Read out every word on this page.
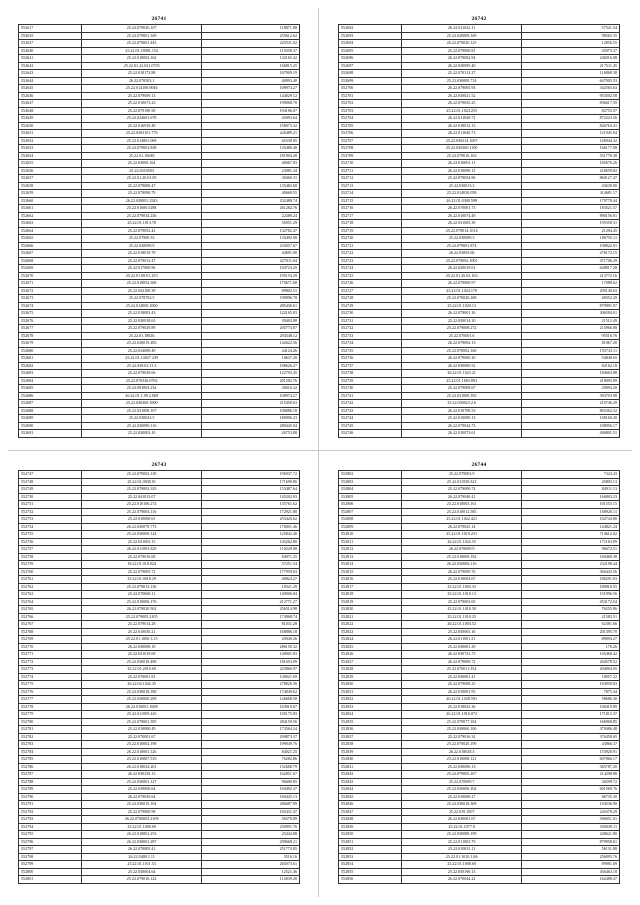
26741
552617	25.22.079020.107	118871.88
552635	25.22.079001.169	255612.62
552637	25.22.079001.445	225531.02
552640	25.22.01.18001.152	110358.37
552641	25.22.018002.162	132165.42
552642	25.22.01.22.021.0755	166815.25
552643	25.22.018173.88	167909.19
552644	26.22.078503.1	40093.40
552645	25.22.014100.0046	108974.27
552646	25.22.079009.13	144029.12
552647	25.22.010673.23	199068.78
552648	25.22.079190.50	194186.07
552649	25.22.024601.678	45093.64
552650	25.22.016910.48	158073.32
552651	25.22.0203101.776	226489.21
552652	25.22.014801.069	65338.05
552653	25.22.079001.838	135480.40
552654	25.22.01.16048	181904.28
552655	25.22.03000.164	40667.83
552656	25.22.0310503	23081.34
552657	25.22.01.20.01.05	30460.31
552658	25.22.079000.47	135482.68
552659	25.22.079090.79	40668.55
552660	26.22.020001.2543	232488.74
552661	25.22.01600.5288	261282.76
552662	25.22.079034.236	22388.24
552663	25.22.01.1813.78	35051.29
552664	25.22.079052.42	132782.47
552665	25.22.07900.33	133492.08
552666	25.22.020099.9	233057.67
552667	25.22.018019.79	44691.00
552668	25.22.079012.47	227611.64
552669	25.22.017000.96	104723.25
552670	25.22.01.08.01.253	195154.29
552671	25.22.019052.306	170671.68
552672	25.22.043100.39	89802.51
552673	25.22.078702.5	199096.78
552674	25.22.014000.1000	285436.61
552675	25.22.018003.43	122165.83
552676	25.22.030018.63	39403.88
552677	25.22.079029.89	205774.87
552678	25.22.01.18026	294548.12
552679	25.22.020019.283	142622.56
552680	25.22.034000.49	44124.26
552681	25.22.01.14027.239	18637.20
552682	25.22.038.02.11.3	188626.27
552683	25.22.079029.66	122793.45
552684	25.22.070326.0792	201282.76
552685	25.22.091003.234	30016.32
552686	26.22.01.1.09.2.069	108974.27
552687	25.22.040400.1000	215450.63
552688	25.22.031008.107	106886.18
552689	25.22.030043.5	186996.23
552690	25.22.030090.116	280445.04
552691	25.22.020003.10	26753.88
26742
552692	26.22.011022.11	57521.54
552693	25.22.020009.169	98565.35
552694	26.22.079020.125	12856.55
552695	25.22.079000.81	45073.37
552696	26.22.079002.94	246016.08
552697	26.22.030095.40	217511.45
552698	25.22.070312.27	116868.38
552699	25.22.030000.714	647005.53
552700	26.22.079005.93	342565.63
552701	26.22.030021.52	953502.58
552702	26.22.079035.25	836617.39
552703	25.22.01.1024.255	82755.07
552704	26.22.011040.72	872223.56
552705	26.22.018012.13	826763.41
552706	26.22.011040.73	121945.04
552707	25.22.030214.1007	126944.32
552708	25.22.020300.1100	166177.08
552709	25.22.079016.163	551776.38
552710	26.22.010001.11	185676.26
552711	26.22.010090.12	218659.82
552712	25.22.079054.96	860127.47
552713	25.22.030013.3	43630.00
552714	25.22.014030.058	314681.17
552715	26.22.01.0300.598	179778.44
552716	26.22.070001.73	183521.57
552717	26.22.010074.49	890156.81
552718	26.22.031005.39	195558.31
552719	25.22.079014.1014	21294.45
552720	25.22.030089.3	186755.11
552721	25.22.079001.874	198822.91
552722	26.22.03003.60	476172.15
552723	25.22.079002.1001	471706.29
552724	26.22.020019.61	648817.28
552725	25.22.01.20.02.163	213772.16
552726	26.22.079000.97	17088.62
552727	25.22.01.1024.170	295149.63
552728	25.22.070020.268	68352.29
552729	25.22.01.1020.13	879991.07
552730	26.22.079001.16	306584.01
552731	25.22.030014.10	21512.49
552732	25.22.079008.272	215966.88
552733	25.22.070001.6	95516.76
552734	26.22.079092.13	81067.28
552735	25.22.070002.160	193733.11
552736	26.22.079000.20	54848.65
552737	26.22.030000.52	82162.18
552738	26.22.01.1023.21	184663.88
552739	25.22.01.1603.893	218005.89
552740	25.22.079009.67	29094.20
552741	25.22.031000.183	393703.98
552742	25.22.030023.2.6	210746.29
552743	26.22.010708.53	865362.32
552744	25.22.010000.13	168160.20
552745	26.22.079044.73	108956.17
552746	26.22.010073.61	406801.51
26743
552747	25.22.079002.130	196937.72
552748	25.22.01.0030.01	171690.86
552749	25.22.079002.335	153487.64
552750	25.22.041013.07	145202.83
552751	25.22.010106.274	135761.62
552752	25.22.079004.116	172921.80
552753	25.22.010000.61	253420.62
552754	26.22.030079.773	176001.46
552755	25.22.030000.124	125842.40
552756	25.22.031003.15	145262.80
552757	26.22.011003.320	110229.08
552758	25.22.079016.68	84071.25
552759	18.22.01.018.024	57251.54
552760	25.22.079005.72	177959.63
552761	25.22.01.0018.29	40824.27
552762	25.22.079013.136	18321.29
552763	25.22.070060.11	140006.84
552764	25.22.010006.176	212771.27
552765	26.22.079020.502	256514.98
552766	25.22.079005.2105	174968.74
552767	25.22.079014.28	81031.28
552768	25.22.010030.21	168886.18
552769	25.22.01.1000.3.15	20040.26
552770	26.22.030008.18	286150.32
552771	25.22.031019.69	140001.83
552772	25.22.030018.490	181653.09
552773	25.22.01.2010.69	223866.97
552774	25.22.070001.81	138021.69
552775	26.22.04.1042.35	278826.56
552776	25.22.030018.180	174849.62
552777	25.22.030000.209	126668.58
552778	26.22.010001.1608	163910.67
552779	25.22.011009.226	105175.83
552780	25.22.079001.395	284159.56
552781	25.22.010000.49	173564.24
552782	25.22.070001.67	290873.37
552783	25.22.010002.198	199049.76
552784	26.22.010001.126	84021.25
552785	25.22.010007.519	76282.86
552786	26.22.010024.201	152668.79
552787	26.22.030239.13	162851.67
552788	25.22.030001.127	96600.85
552789	25.22.039000.64	194492.37
552790	26.22.079030.64	160425.13
552791	25.22.030019.104	286687.89
552792	25.22.079000.98	182431.47
552793	26.22.0700003.2108	56378.89
552794	25.22.01.1000.69	250991.76
552795	26.22.010001.253	25444.88
552796	26.22.030001.287	299668.21
552797	26.22.070005.41	251773.85
552798	26.22.0400.1.11	3516.16
552799	25.22.01.1011.53	265073.61
552800	25.22.030004.64	12521.46
552801	25.22.079016.122	112839.28
26744
552802	25.22.079003.9	7324.43
552803	25.22.011030.322	45803.13
552804	25.22.079000.74	84911.13
552805	26.22.079040.41	166803.23
552806	25.22.010003.161	101555.15
552807	25.22.010012.585	168920.11
552808	25.22.01.1022.421	102743.80
552809	26.22.079025.14	144821.24
552810	25.22.01.1019.231	714612.02
552811	26.22.01.1022.55	171163.89
552812	26.22.070009.9	96672.51
552813	25.22.010009.182	160468.38
552814	26.22.030006.116	232198.44
552815	26.22.079009.76	366443.56
552816	25.22.010004.67	186291.03
552817	25.22.01.1003.33	180916.55
552818	25.22.01.1010.13	151996.56
552819	25.22.079003.65	453172.54
552820	25.22.01.1010.58	76255.96
552821	25.22.01.1010.25	21582.51
552822	26.22.01.1003.52	62381.66
552823	25.22.030003.16	201395.70
552824	26.22.011001.21	89094.27
552825	25.22.030001.29	176.26
552826	26.22.030723.73	165468.42
552827	26.22.079009.72	204578.52
552828	25.22.070011.354	204004.05
552829	25.22.030001.41	18057.22
552830	25.22.079008.25	194958.83
552831	26.22.010001.95	7875.44
552832	26.22.01.1028.591	58686.30
552833	25.22.018022.36	100419.89
552834	26.22.01.1016.072	171815.37
552835	25.22.079077.354	166969.85
552836	25.22.030060.106	379486.48
552837	25.22.079016.32	376458.65
552838	25.22.070020.199	43866.37
552839	26.22.018028.3	153920.91
552840	25.22.010088.121	607866.17
552841	25.22.030006.13	365787.20
552842	25.22.079005.267	214298.88
552843	25.22.070009.7	30299.72
552844	25.22.030006.102	601569.76
552845	25.22.010000.27	86735.30
552846	25.22.030018.309	194536.90
552847	25.22.019.1007	226378.29
552848	26.22.030001.67	396051.01
552849	25.22.01.1077.8	356039.11
552850	25.22.030089.199	248621.80
552851	25.22.011003.79	879958.61
552852	25.22.010021.11	56131.88
552853	25.22.01.1010.1.86	256095.76
552854	25.22.01.1008.60	89981.69
552855	25.22.030190.13	456463.18
552856	26.22.070044.22	162488.47
